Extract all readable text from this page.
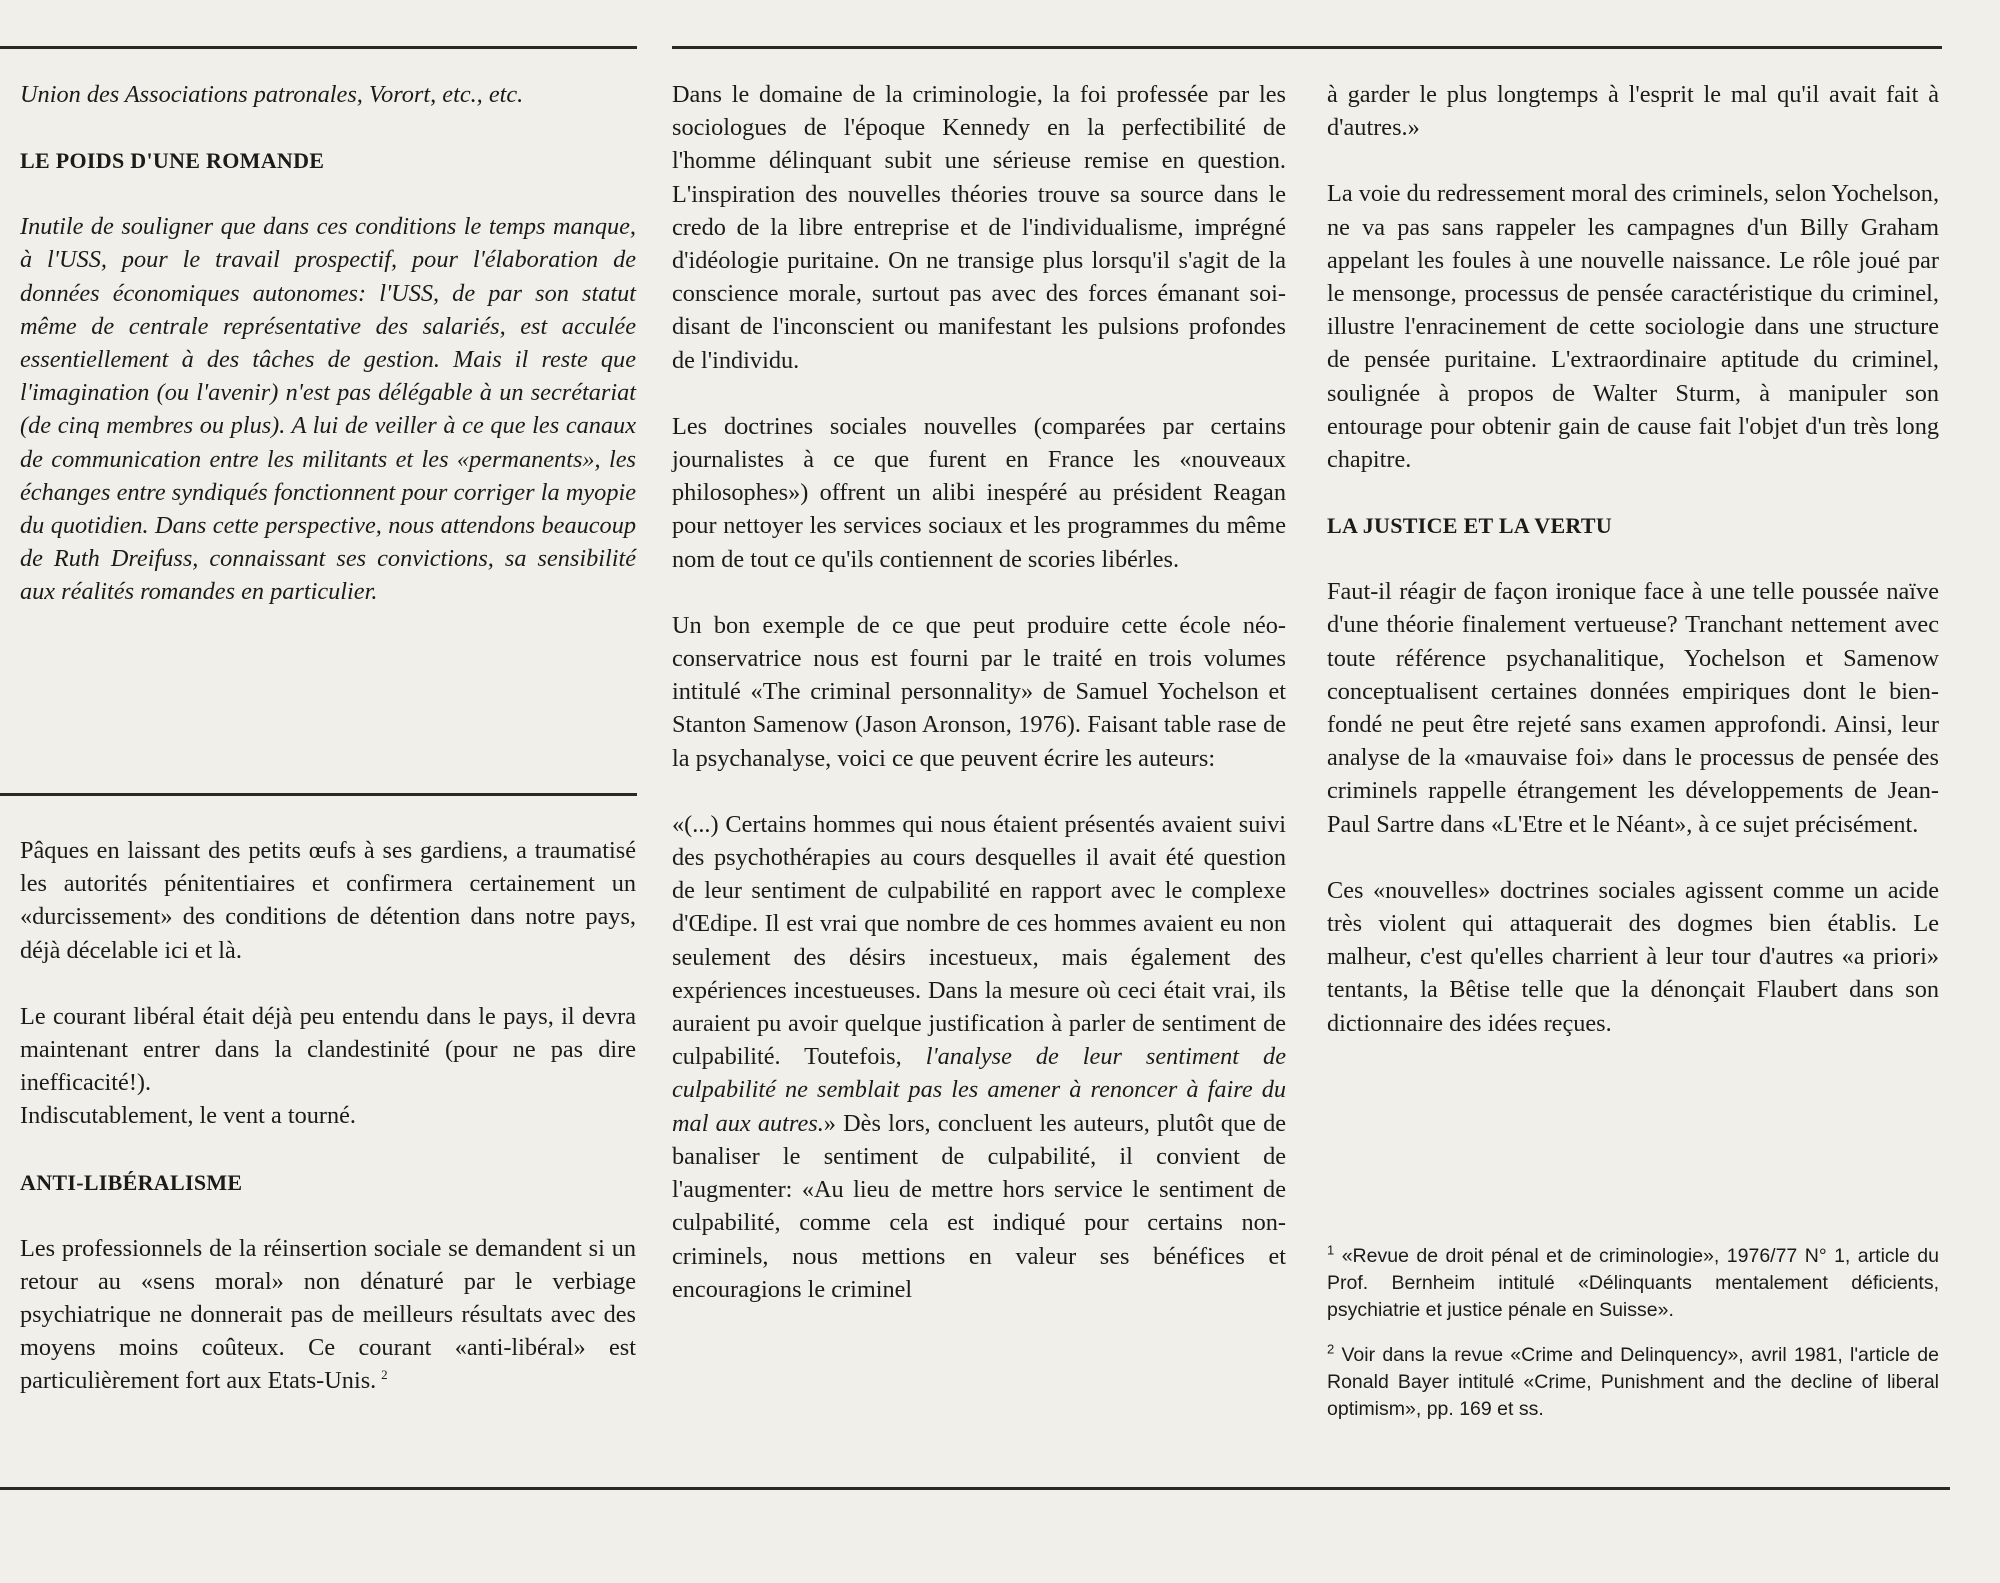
Union des Associations patronales, Vorort, etc., etc.

LE POIDS D'UNE ROMANDE

Inutile de souligner que dans ces conditions le temps manque, à l'USS, pour le travail prospectif, pour l'élaboration de données économiques autonomes: l'USS, de par son statut même de centrale représentative des salariés, est acculée essentiellement à des tâches de gestion. Mais il reste que l'imagination (ou l'avenir) n'est pas délégable à un secrétariat (de cinq membres ou plus). A lui de veiller à ce que les canaux de communication entre les militants et les «permanents», les échanges entre syndiqués fonctionnent pour corriger la myopie du quotidien. Dans cette perspective, nous attendons beaucoup de Ruth Dreifuss, connaissant ses convictions, sa sensibilité aux réalités romandes en particulier.

Pâques en laissant des petits œufs à ses gardiens, a traumatisé les autorités pénitentiaires et confirmera certainement un «durcissement» des conditions de détention dans notre pays, déjà décelable ici et là.

Le courant libéral était déjà peu entendu dans le pays, il devra maintenant entrer dans la clandestinité (pour ne pas dire inefficacité!).

Indiscutablement, le vent a tourné.

ANTI-LIBÉRALISME

Les professionnels de la réinsertion sociale se demandent si un retour au «sens moral» non dénaturé par le verbiage psychiatrique ne donnerait pas de meilleurs résultats avec des moyens moins coûteux. Ce courant «anti-libéral» est particulièrement fort aux Etats-Unis.  $^2$

Dans le domaine de la criminologie, la foi professée par les sociologues de l'époque Kennedy en la perfectibilité de l'homme délinquant subit une sérieuse remise en question. L'inspiration des nouvelles théories trouve sa source dans le credo de la libre entreprise et de l'individualisme, imprégné d'idéologie puritaine. On ne transige plus lorsqu'il s'agit de la conscience morale, surtout pas avec des forces émanant soi-disant de l'inconscient ou manifestant les pulsions profondes de l'individu.

Les doctrines sociales nouvelles (comparées par certains journalistes à ce que furent en France les «nouveaux philosophes») offrent un alibi inespéré au président Reagan pour nettoyer les services sociaux et les programmes du même nom de tout ce qu'ils contiennent de scories libérles.

Un bon exemple de ce que peut produire cette école néo-conservatrice nous est fourni par le traité en trois volumes intitulé «The criminal personnality» de Samuel Yochelson et Stanton Samenow (Jason Aronson, 1976). Faisant table rase de la psychanalyse, voici ce que peuvent écrire les auteurs:

«(...) Certains hommes qui nous étaient présentés avaient suivi des psychothérapies au cours desquelles il avait été question de leur sentiment de culpabilité en rapport avec le complexe d'Œdipe. Il est vrai que nombre de ces hommes avaient eu non seulement des désirs incestueux, mais également des expériences incestueuses. Dans la mesure où ceci était vrai, ils auraient pu avoir quelque justification à parler de sentiment de culpabilité. Toutefois, l'analyse de leur sentiment de culpabilité ne semblait pas les amener à renoncer à faire du mal aux autres.» Dès lors, concluent les auteurs, plutôt que de banaliser le sentiment de culpabilité, il convient de l'augmenter: «Au lieu de mettre hors service le sentiment de culpabilité, comme cela est indiqué pour certains non-criminels, nous mettions en valeur ses bénéfices et encouragions le criminel

à garder le plus longtemps à l'esprit le mal qu'il avait fait à d'autres.»

La voie du redressement moral des criminels, selon Yochelson, ne va pas sans rappeler les campagnes d'un Billy Graham appelant les foules à une nouvelle naissance. Le rôle joué par le mensonge, processus de pensée caractéristique du criminel, illustre l'enracinement de cette sociologie dans une structure de pensée puritaine. L'extraordinaire aptitude du criminel, soulignée à propos de Walter Sturm, à manipuler son entourage pour obtenir gain de cause fait l'objet d'un très long chapitre.

LA JUSTICE ET LA VERTU

Faut-il réagir de façon ironique face à une telle poussée naïve d'une théorie finalement vertueuse? Tranchant nettement avec toute référence psychanalitique, Yochelson et Samenow conceptualisent certaines données empiriques dont le bien-fondé ne peut être rejeté sans examen approfondi. Ainsi, leur analyse de la «mauvaise foi» dans le processus de pensée des criminels rappelle étrangement les développements de Jean-Paul Sartre dans «L'Etre et le Néant», à ce sujet précisément.

Ces «nouvelles» doctrines sociales agissent comme un acide très violent qui attaquerait des dogmes bien établis. Le malheur, c'est qu'elles charrient à leur tour d'autres «a priori» tentants, la Bêtise telle que la dénonçait Flaubert dans son dictionnaire des idées reçues.

$^1$ «Revue de droit pénal et de criminologie», 1976/77 N° 1, article du Prof. Bernheim intitulé «Délinquants mentalement déficients, psychiatrie et justice pénale en Suisse».

$^2$ Voir dans la revue «Crime and Delinquency», avril 1981, l'article de Ronald Bayer intitulé «Crime, Punishment and the decline of liberal optimism», pp. 169 et ss.
